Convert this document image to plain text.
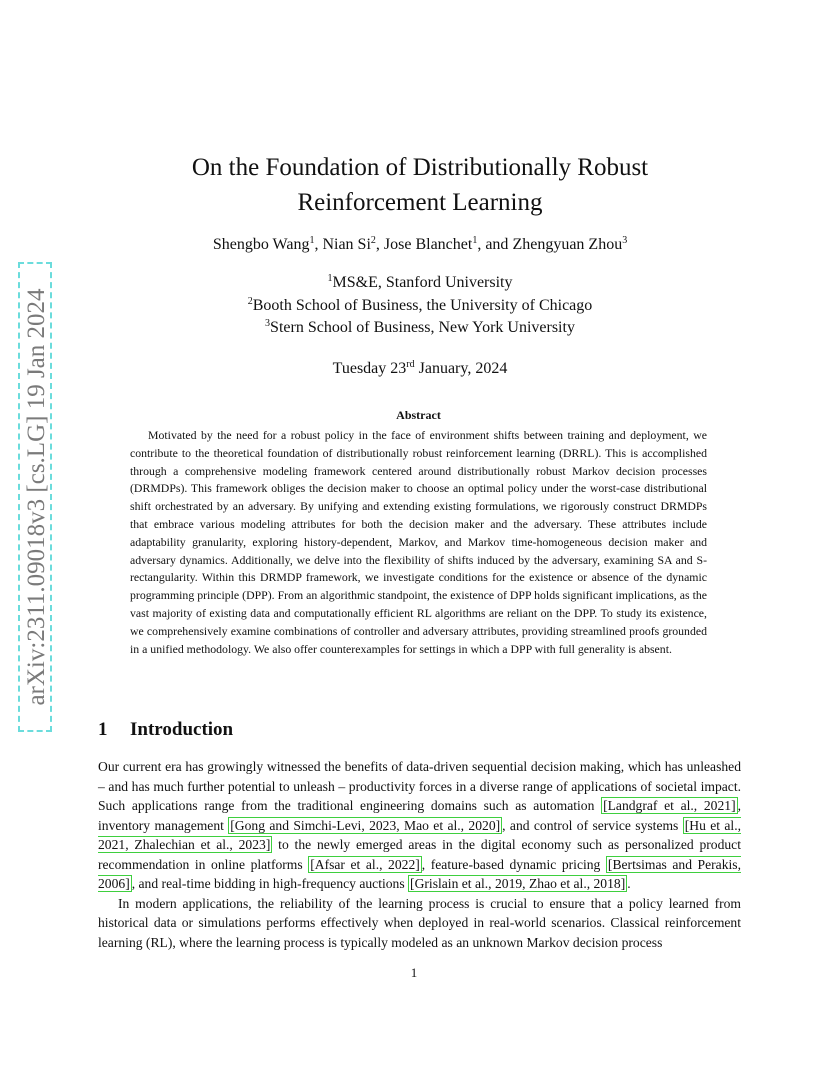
arXiv:2311.09018v3 [cs.LG] 19 Jan 2024
On the Foundation of Distributionally Robust
Reinforcement Learning
Shengbo Wang$^1$, Nian Si$^2$, Jose Blanchet$^1$, and Zhengyuan Zhou$^3$
$^1$MS&E, Stanford University
$^2$Booth School of Business, the University of Chicago
$^3$Stern School of Business, New York University
Tuesday 23rd January, 2024
Abstract

Motivated by the need for a robust policy in the face of environment shifts between training and deployment, we contribute to the theoretical foundation of distributionally robust reinforcement learning (DRRL). This is accomplished through a comprehensive modeling framework centered around distributionally robust Markov decision processes (DRMDPs). This framework obliges the decision maker to choose an optimal policy under the worst-case distributional shift orchestrated by an adversary. By unifying and extending existing formulations, we rigorously construct DRMDPs that embrace various modeling attributes for both the decision maker and the adversary. These attributes include adaptability granularity, exploring history-dependent, Markov, and Markov time-homogeneous decision maker and adversary dynamics. Additionally, we delve into the flexibility of shifts induced by the adversary, examining SA and S-rectangularity. Within this DRMDP framework, we investigate conditions for the existence or absence of the dynamic programming principle (DPP). From an algorithmic standpoint, the existence of DPP holds significant implications, as the vast majority of existing data and computationally efficient RL algorithms are reliant on the DPP. To study its existence, we comprehensively examine combinations of controller and adversary attributes, providing streamlined proofs grounded in a unified methodology. We also offer counterexamples for settings in which a DPP with full generality is absent.

1 Introduction

Our current era has growingly witnessed the benefits of data-driven sequential decision making, which has unleashed – and has much further potential to unleash – productivity forces in a diverse range of applications of societal impact. Such applications range from the traditional engineering domains such as automation [Landgraf et al., 2021] , inventory management [Gong and Simchi-Levi, 2023, Mao et al., 2020] , and control of service systems [Hu et al., 2021, Zhalechian et al., 2023] to the newly emerged areas in the digital economy such as personalized product recommendation in online platforms [Afsar et al., 2022] , feature-based dynamic pricing [Bertsimas and Perakis, 2006] , and real-time bidding in high-frequency auctions [Grislain et al., 2019, Zhao et al., 2018] .

In modern applications, the reliability of the learning process is crucial to ensure that a policy learned from historical data or simulations performs effectively when deployed in real-world scenarios. Classical reinforcement learning (RL), where the learning process is typically modeled as an unknown Markov decision process

1
